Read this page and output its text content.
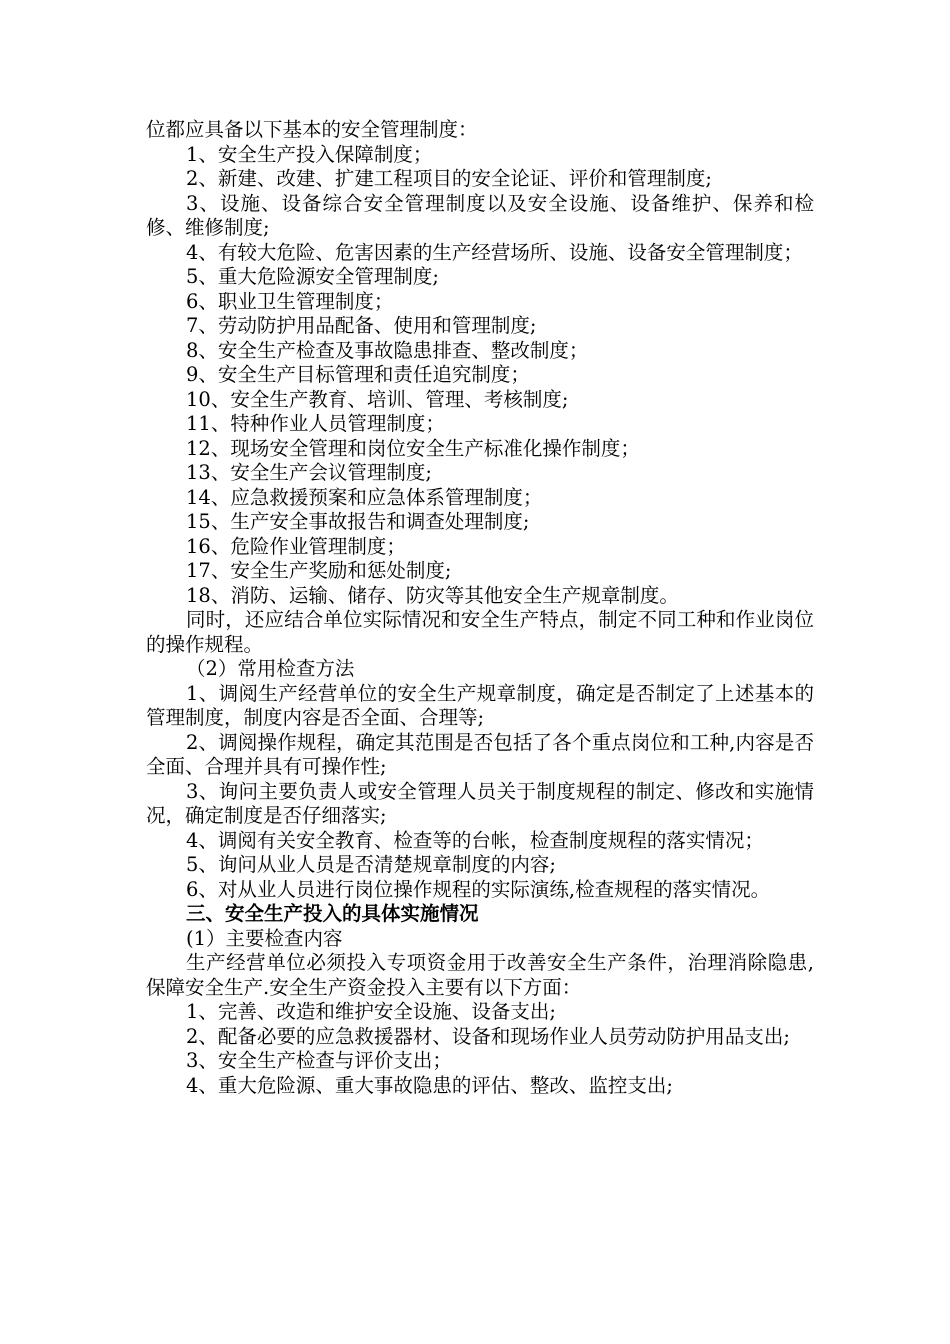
位都应具备以下基本的安全管理制度：

1、安全生产投入保障制度；

2、新建、改建、扩建工程项目的安全论证、评价和管理制度;

3、设施、设备综合安全管理制度以及安全设施、设备维护、保养和检修、维修制度;

4、有较大危险、危害因素的生产经营场所、设施、设备安全管理制度；

5、重大危险源安全管理制度;

6、职业卫生管理制度；

7、劳动防护用品配备、使用和管理制度;

8、安全生产检查及事故隐患排查、整改制度；

9、安全生产目标管理和责任追究制度；

10、安全生产教育、培训、管理、考核制度;

11、特种作业人员管理制度；

12、现场安全管理和岗位安全生产标准化操作制度；

13、安全生产会议管理制度;

14、应急救援预案和应急体系管理制度；

15、生产安全事故报告和调查处理制度;

16、危险作业管理制度；

17、安全生产奖励和惩处制度;

18、消防、运输、储存、防灾等其他安全生产规章制度。

同时，还应结合单位实际情况和安全生产特点，制定不同工种和作业岗位的操作规程。

（2）常用检查方法

1、调阅生产经营单位的安全生产规章制度，确定是否制定了上述基本的管理制度，制度内容是否全面、合理等;

2、调阅操作规程，确定其范围是否包括了各个重点岗位和工种,内容是否全面、合理并具有可操作性;

3、询问主要负责人或安全管理人员关于制度规程的制定、修改和实施情况，确定制度是否仔细落实;

4、调阅有关安全教育、检查等的台帐，检查制度规程的落实情况；

5、询问从业人员是否清楚规章制度的内容;

6、对从业人员进行岗位操作规程的实际演练,检查规程的落实情况。

三、安全生产投入的具体实施情况

(1）主要检查内容

生产经营单位必须投入专项资金用于改善安全生产条件，治理消除隐患,保障安全生产.安全生产资金投入主要有以下方面：

1、完善、改造和维护安全设施、设备支出;

2、配备必要的应急救援器材、设备和现场作业人员劳动防护用品支出;

3、安全生产检查与评价支出；

4、重大危险源、重大事故隐患的评估、整改、监控支出;
